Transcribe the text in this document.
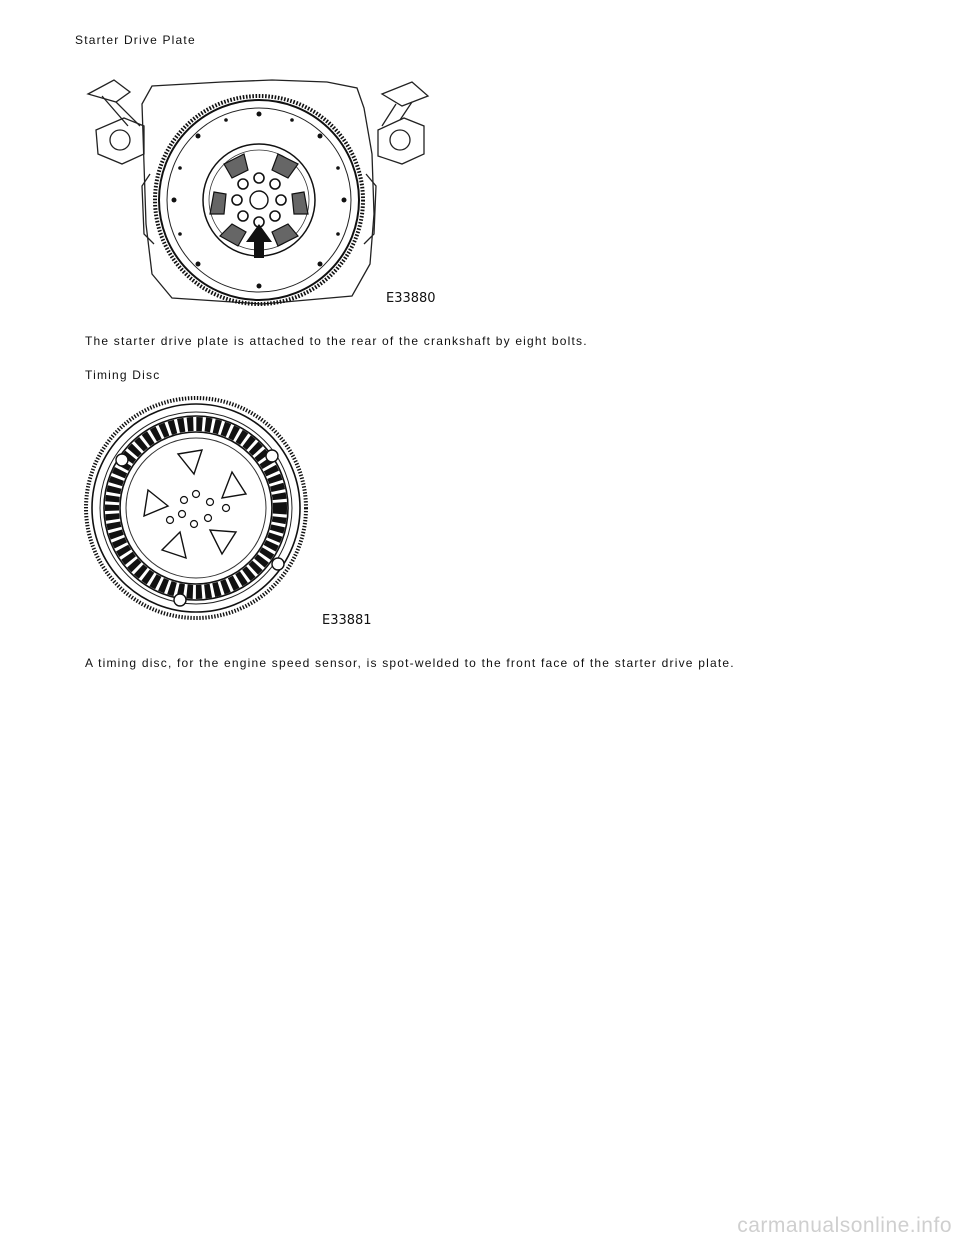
Starter Drive Plate
E33880
The starter drive plate is attached to the rear of the crankshaft by eight bolts.
Timing Disc
E33881
A timing disc, for the engine speed sensor, is spot-welded to the front face of the starter drive plate.
carmanualsonline.info
